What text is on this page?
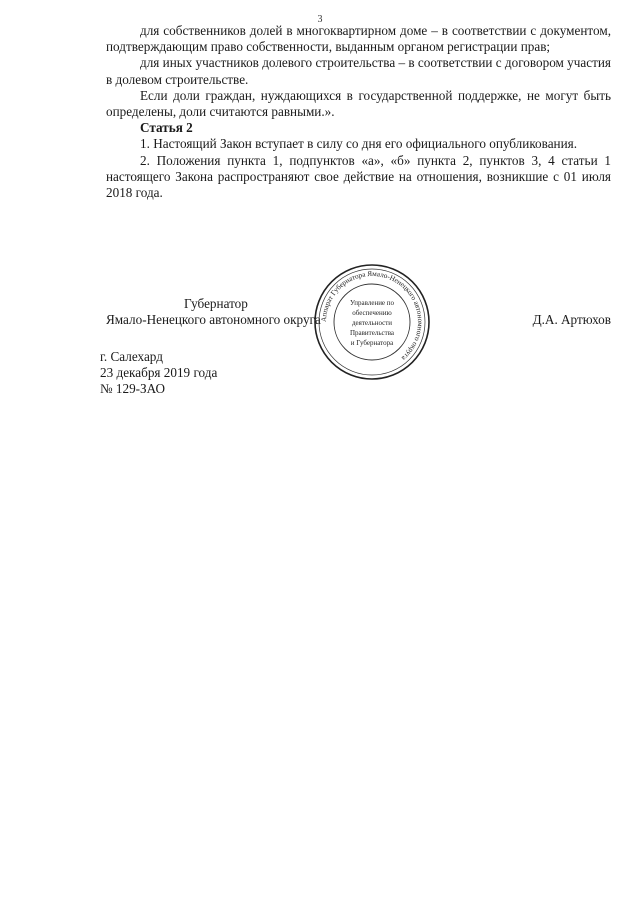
3

для собственников долей в многоквартирном доме – в соответствии с документом, подтверждающим право собственности, выданным органом регистрации прав;

для иных участников долевого строительства – в соответствии с договором участия в долевом строительстве.

Если доли граждан, нуждающихся в государственной поддержке, не могут быть определены, доли считаются равными.».

Статья 2

1. Настоящий Закон вступает в силу со дня его официального опубликования.

2. Положения пункта 1, подпунктов «а», «б» пункта 2, пунктов 3, 4 статьи 1 настоящего Закона распространяют свое действие на отношения, возникшие с 01 июля 2018 года.

Губернатор
Ямало-Ненецкого автономного округа	Д.А. Артюхов
Аппарат Губернатора Ямало-Ненецкого автономного округа
Управление по
обеспечению
деятельности
Правительства
и Губернатора
г. Салехард
23 декабря 2019 года
№ 129-ЗАО
